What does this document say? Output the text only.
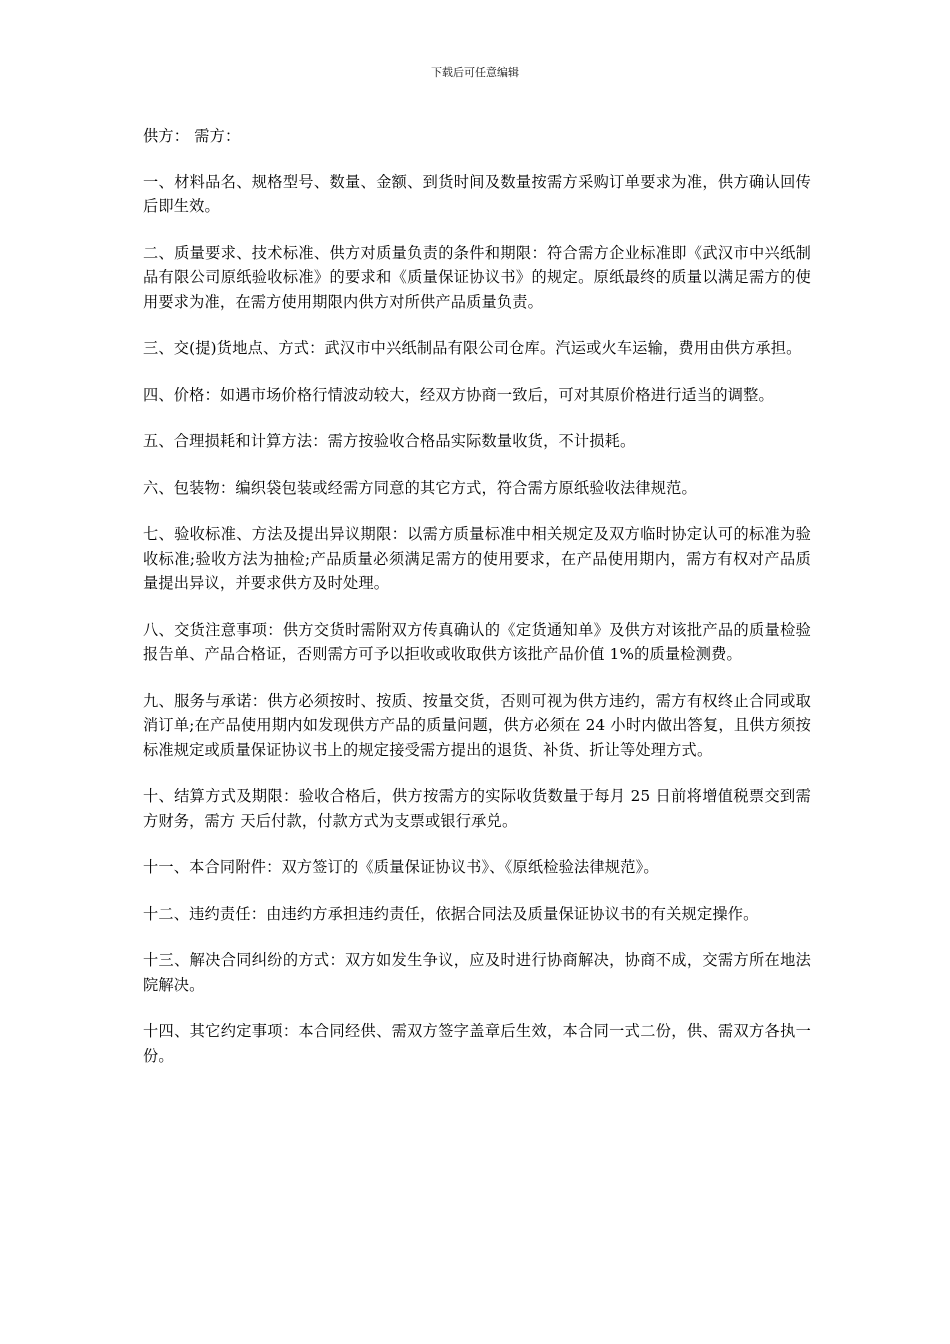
下载后可任意编辑

供方： 需方：

一、材料品名、规格型号、数量、金额、到货时间及数量按需方采购订单要求为准，供方确认回传后即生效。

二、质量要求、技术标准、供方对质量负责的条件和期限：符合需方企业标准即《武汉市中兴纸制品有限公司原纸验收标准》的要求和《质量保证协议书》的规定。原纸最终的质量以满足需方的使用要求为准，在需方使用期限内供方对所供产品质量负责。

三、交(提)货地点、方式：武汉市中兴纸制品有限公司仓库。汽运或火车运输，费用由供方承担。

四、价格：如遇市场价格行情波动较大，经双方协商一致后，可对其原价格进行适当的调整。

五、合理损耗和计算方法：需方按验收合格品实际数量收货，不计损耗。

六、包装物：编织袋包装或经需方同意的其它方式，符合需方原纸验收法律规范。

七、验收标准、方法及提出异议期限：以需方质量标准中相关规定及双方临时协定认可的标准为验收标准;验收方法为抽检;产品质量必须满足需方的使用要求，在产品使用期内，需方有权对产品质量提出异议，并要求供方及时处理。

八、交货注意事项：供方交货时需附双方传真确认的《定货通知单》及供方对该批产品的质量检验报告单、产品合格证，否则需方可予以拒收或收取供方该批产品价值 1%的质量检测费。

九、服务与承诺：供方必须按时、按质、按量交货，否则可视为供方违约，需方有权终止合同或取消订单;在产品使用期内如发现供方产品的质量问题，供方必须在 24 小时内做出答复，且供方须按标准规定或质量保证协议书上的规定接受需方提出的退货、补货、折让等处理方式。

十、结算方式及期限：验收合格后，供方按需方的实际收货数量于每月 25 日前将增值税票交到需方财务，需方 天后付款，付款方式为支票或银行承兑。

十一、本合同附件：双方签订的《质量保证协议书》、《原纸检验法律规范》。

十二、违约责任：由违约方承担违约责任，依据合同法及质量保证协议书的有关规定操作。

十三、解决合同纠纷的方式：双方如发生争议，应及时进行协商解决，协商不成，交需方所在地法院解决。

十四、其它约定事项：本合同经供、需双方签字盖章后生效，本合同一式二份，供、需双方各执一份。
